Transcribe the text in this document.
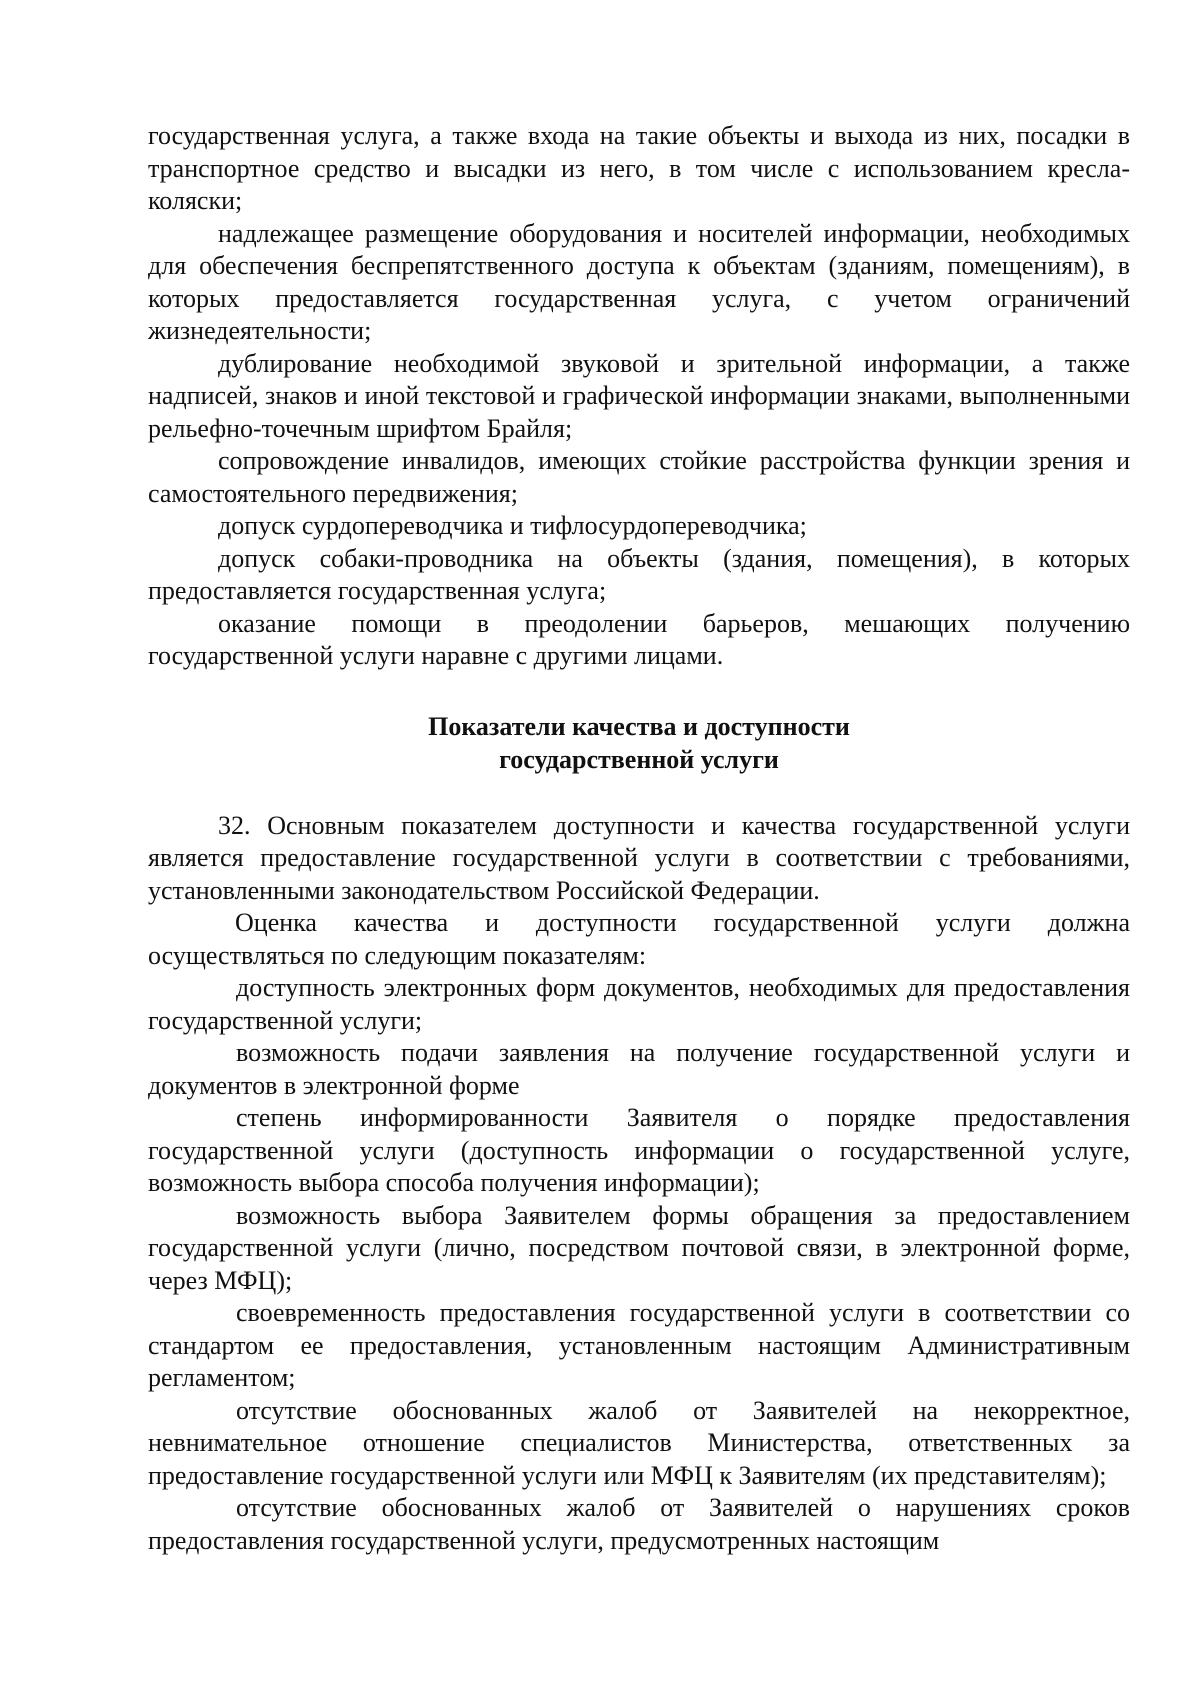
государственная услуга, а также входа на такие объекты и выхода из них, посадки в транспортное средство и высадки из него, в том числе с использованием кресла-коляски;

надлежащее размещение оборудования и носителей информации, необходимых для обеспечения беспрепятственного доступа к объектам (зданиям, помещениям), в которых предоставляется государственная услуга, с учетом ограничений жизнедеятельности;

дублирование необходимой звуковой и зрительной информации, а также надписей, знаков и иной текстовой и графической информации знаками, выполненными рельефно-точечным шрифтом Брайля;

сопровождение инвалидов, имеющих стойкие расстройства функции зрения и самостоятельного передвижения;

допуск сурдопереводчика и тифлосурдопереводчика;

допуск собаки-проводника на объекты (здания, помещения), в которых предоставляется государственная услуга;

оказание помощи в преодолении барьеров, мешающих получению государственной услуги наравне с другими лицами.

Показатели качества и доступности
государственной услуги

32. Основным показателем доступности и качества государственной услуги является предоставление государственной услуги в соответствии с требованиями, установленными законодательством Российской Федерации.

Оценка качества и доступности государственной услуги должна осуществляться по следующим показателям:

доступность электронных форм документов, необходимых для предоставления государственной услуги;

возможность подачи заявления на получение государственной услуги и документов в электронной форме

степень информированности Заявителя о порядке предоставления государственной услуги (доступность информации о государственной услуге, возможность выбора способа получения информации);

возможность выбора Заявителем формы обращения за предоставлением государственной услуги (лично, посредством почтовой связи, в электронной форме, через МФЦ);

своевременность предоставления государственной услуги в соответствии со стандартом ее предоставления, установленным настоящим Административным регламентом;

отсутствие обоснованных жалоб от Заявителей на некорректное, невнимательное отношение специалистов Министерства, ответственных за предоставление государственной услуги или МФЦ к Заявителям (их представителям);

отсутствие обоснованных жалоб от Заявителей о нарушениях сроков предоставления государственной услуги, предусмотренных настоящим
